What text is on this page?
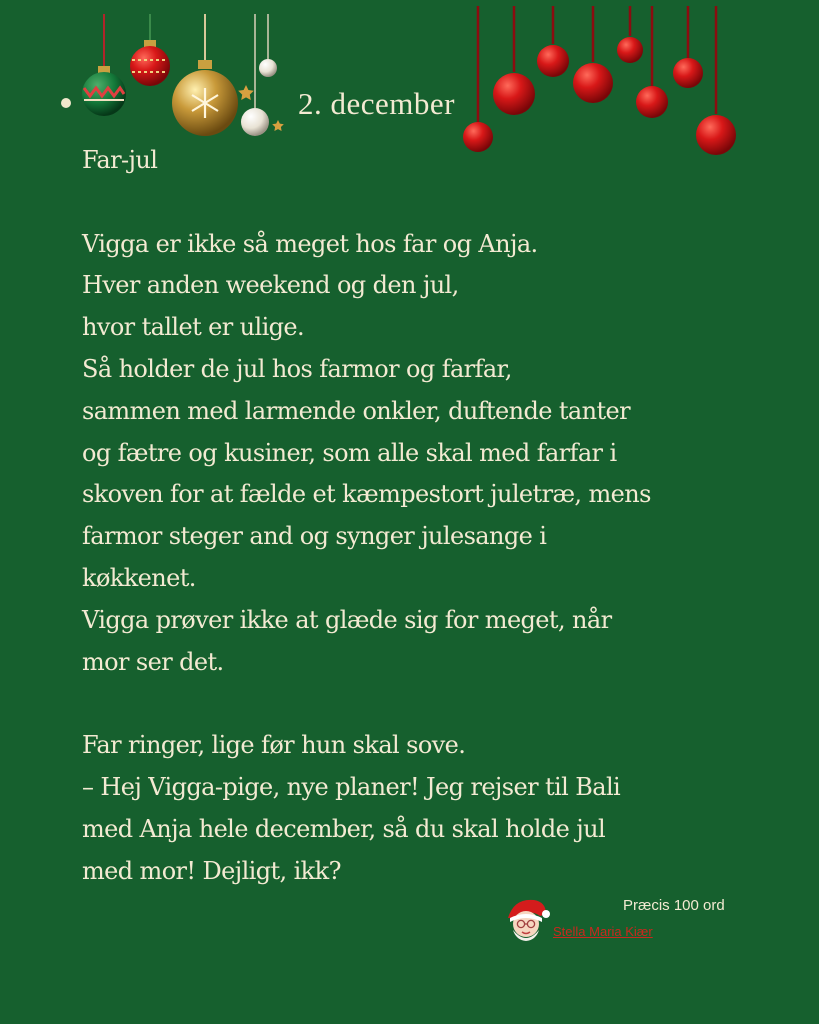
2. december
Far-jul
Vigga er ikke så meget hos far og Anja.
Hver anden weekend og den jul,
hvor tallet er ulige.
Så holder de jul hos farmor og farfar,
sammen med larmende onkler, duftende tanter
og fætre og kusiner, som alle skal med farfar i
skoven for at fælde et kæmpestort juletræ, mens
farmor steger and og synger julesange i
køkkenet.
Vigga prøver ikke at glæde sig for meget, når
mor ser det.
Far ringer, lige før hun skal sove.
– Hej Vigga-pige, nye planer! Jeg rejser til Bali
med Anja hele december, så du skal holde jul
med mor! Dejligt, ikk?
Præcis 100 ord
Stella Maria Kiær
